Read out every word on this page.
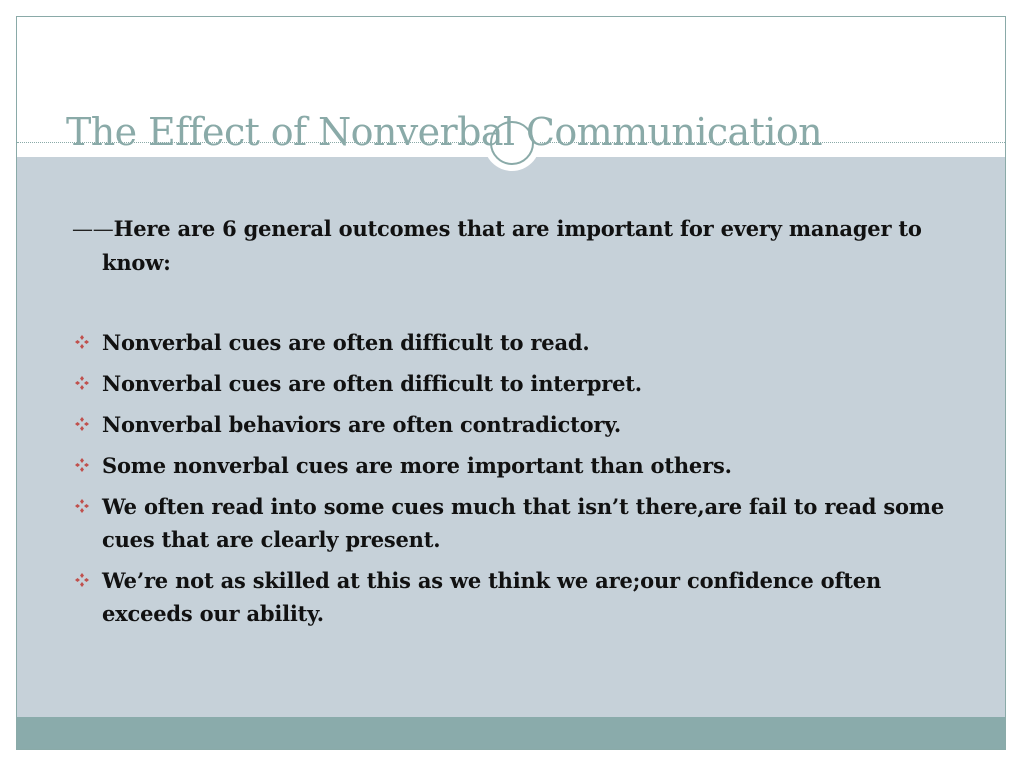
The Effect of Nonverbal Communication

——Here are 6 general outcomes that are important for every manager to know:

Nonverbal cues are often difficult to read.
Nonverbal cues are often difficult to interpret.
Nonverbal behaviors are often contradictory.
Some nonverbal cues are more important than others.
We often read into some cues much that isn’t there,are fail to read some cues that are clearly present.
We’re not as skilled at this as we think we are;our confidence often exceeds our ability.
